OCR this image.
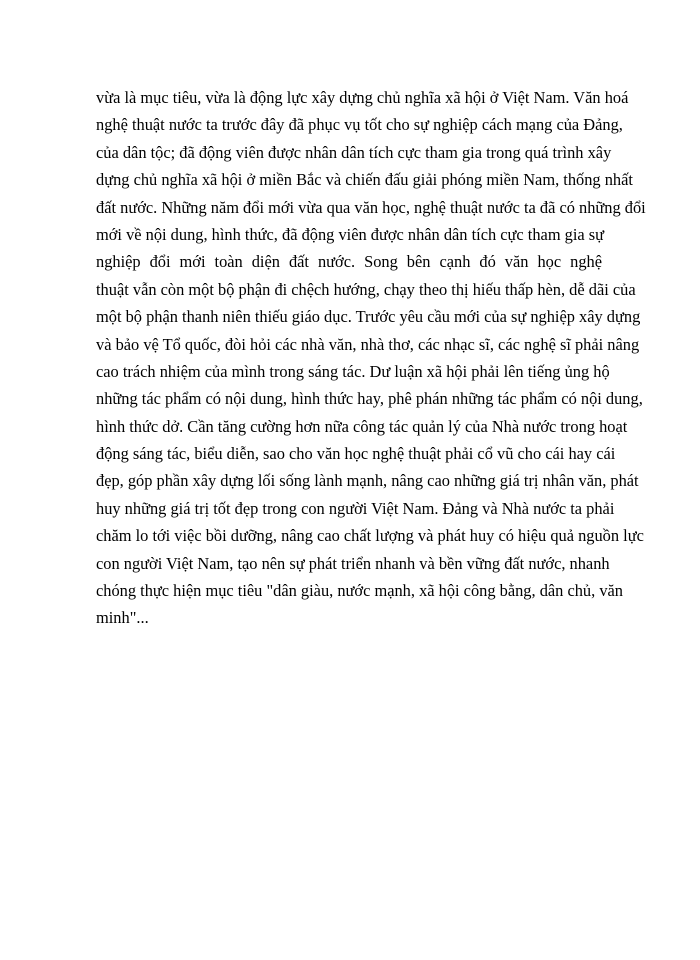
vừa là mục tiêu, vừa là động lực xây dựng chủ nghĩa xã hội ở Việt Nam. Văn hoá
nghệ thuật nước ta trước đây đã phục vụ tốt cho sự nghiệp cách mạng của Đảng,
của dân tộc; đã động viên được nhân dân tích cực tham gia trong quá trình xây
dựng chủ nghĩa xã hội ở miền Bắc và chiến đấu giải phóng miền Nam, thống nhất
đất nước. Những năm đổi mới vừa qua văn học, nghệ thuật nước ta đã có những đổi
mới về nội dung, hình thức, đã động viên được nhân dân tích cực tham gia sự
nghiệp đổi mới toàn diện đất nước. Song bên cạnh đó văn học nghệ
thuật vẫn còn một bộ phận đi chệch hướng, chạy theo thị hiếu thấp hèn, dễ dãi của
một bộ phận thanh niên thiếu giáo dục. Trước yêu cầu mới của sự nghiệp xây dựng
và bảo vệ Tổ quốc, đòi hỏi các nhà văn, nhà thơ, các nhạc sĩ, các nghệ sĩ phải nâng
cao trách nhiệm của mình trong sáng tác. Dư luận xã hội phải lên tiếng ủng hộ
những tác phẩm có nội dung, hình thức hay, phê phán những tác phẩm có nội dung,
hình thức dở. Cần tăng cường hơn nữa công tác quản lý của Nhà nước trong hoạt
động sáng tác, biểu diễn, sao cho văn học nghệ thuật phải cổ vũ cho cái hay cái
đẹp, góp phần xây dựng lối sống lành mạnh, nâng cao những giá trị nhân văn, phát
huy những giá trị tốt đẹp trong con người Việt Nam. Đảng và Nhà nước ta phải
chăm lo tới việc bồi dưỡng, nâng cao chất lượng và phát huy có hiệu quả nguồn lực
con người Việt Nam, tạo nên sự phát triển nhanh và bền vững đất nước, nhanh
chóng thực hiện mục tiêu "dân giàu, nước mạnh, xã hội công bằng, dân chủ, văn
minh"...
